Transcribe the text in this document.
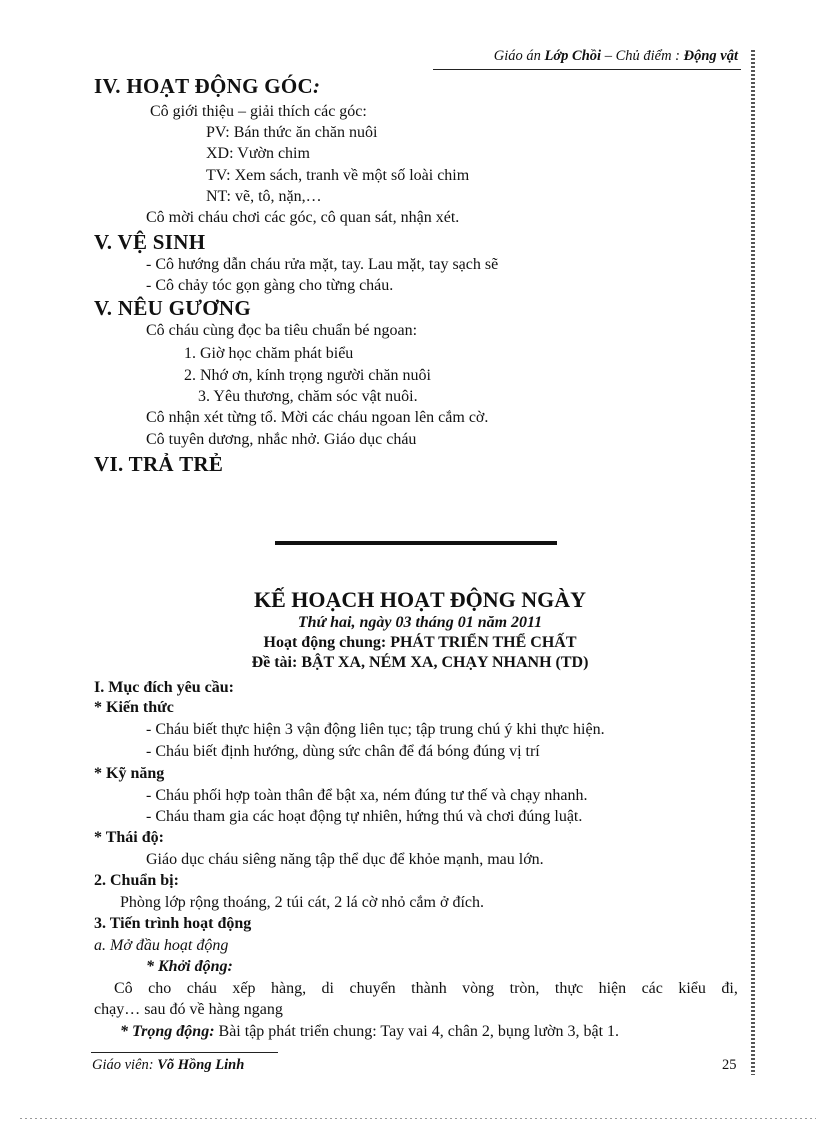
Giáo án Lớp Chồi – Chủ điểm : Động vật
IV. HOẠT ĐỘNG GÓC:
Cô giới thiệu – giải thích các góc:
PV: Bán thức ăn chăn nuôi
XD: Vườn chim
TV: Xem sách, tranh về một số loài chim
NT: vẽ, tô, nặn,…
Cô mời cháu chơi các góc, cô quan sát, nhận xét.
V. VỆ SINH
- Cô hướng dẫn cháu rửa mặt, tay. Lau mặt, tay sạch sẽ
- Cô chảy tóc gọn gàng cho từng cháu.
V. NÊU GƯƠNG
Cô cháu cùng đọc ba tiêu chuẩn bé ngoan:
1. Giờ học chăm phát biểu
2. Nhớ ơn, kính trọng người chăn nuôi
3. Yêu thương, chăm sóc vật nuôi.
Cô nhận xét từng tổ. Mời các cháu ngoan lên cắm cờ.
Cô tuyên dương, nhắc nhở. Giáo dục cháu
VI. TRẢ TRẺ
KẾ HOẠCH HOẠT ĐỘNG NGÀY
Thứ hai, ngày 03 tháng 01 năm 2011
Hoạt động chung: PHÁT TRIỂN THỂ CHẤT
Đề tài: BẬT XA, NÉM XA, CHẠY NHANH (TD)
I. Mục đích yêu cầu:
* Kiến thức
- Cháu biết thực hiện 3 vận động liên tục; tập trung chú ý khi thực hiện.
- Cháu biết định hướng, dùng sức chân để đá bóng đúng vị trí
* Kỹ năng
- Cháu phối hợp toàn thân để bật xa, ném đúng tư thế và chạy nhanh.
- Cháu tham gia các hoạt động tự nhiên, hứng thú và chơi đúng luật.
* Thái độ:
Giáo dục cháu siêng năng tập thể dục để khỏe mạnh, mau lớn.
2. Chuẩn bị:
Phòng lớp rộng thoáng, 2 túi cát, 2 lá cờ nhỏ cắm ở đích.
3. Tiến trình hoạt động
a. Mở đầu hoạt động
* Khởi động:
Cô cho cháu xếp hàng, di chuyển thành vòng tròn, thực hiện các kiểu đi,
chạy… sau đó về hàng ngang
* Trọng động: Bài tập phát triển chung: Tay vai 4, chân 2, bụng lườn 3, bật 1.
Giáo viên: Võ Hồng Linh	25
